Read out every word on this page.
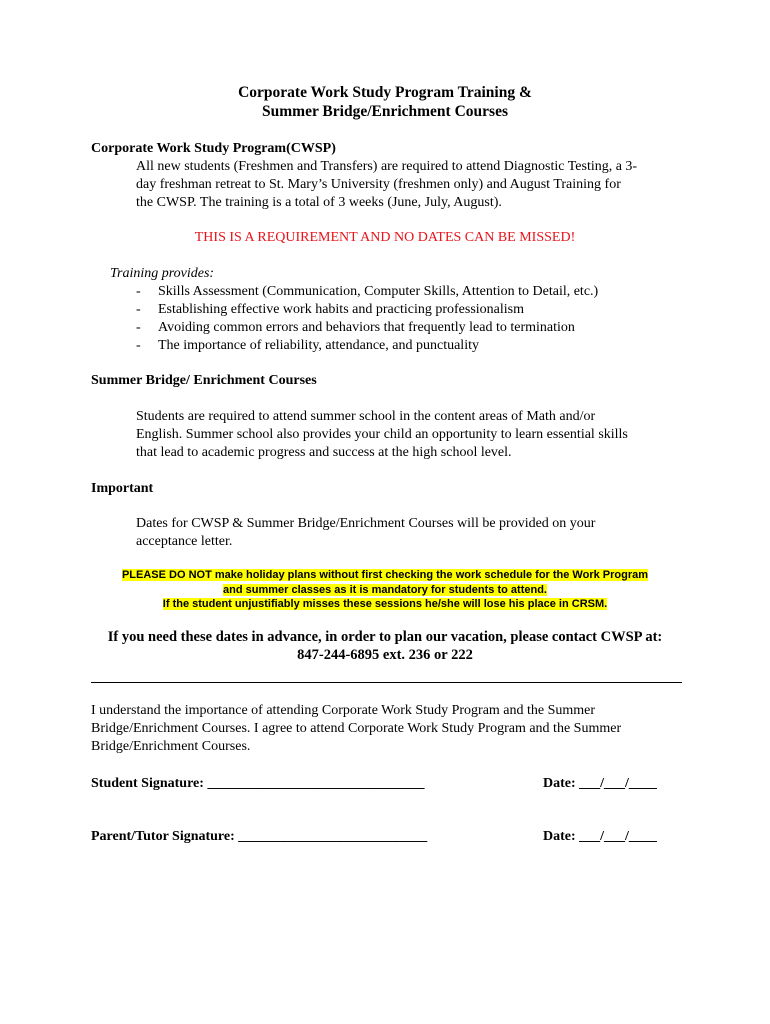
Corporate Work Study Program Training &
Summer Bridge/Enrichment Courses
Corporate Work Study Program(CWSP)
All new students (Freshmen and Transfers) are required to attend Diagnostic Testing, a 3-
day freshman retreat to St. Mary’s University (freshmen only) and August Training for
the CWSP. The training is a total of 3 weeks (June, July, August).
THIS IS A REQUIREMENT AND NO DATES CAN BE MISSED!
Training provides:
- Skills Assessment (Communication, Computer Skills, Attention to Detail, etc.)
- Establishing effective work habits and practicing professionalism
- Avoiding common errors and behaviors that frequently lead to termination
- The importance of reliability, attendance, and punctuality
Summer Bridge/ Enrichment Courses
Students are required to attend summer school in the content areas of Math and/or
English. Summer school also provides your child an opportunity to learn essential skills
that lead to academic progress and success at the high school level.
Important
Dates for CWSP & Summer Bridge/Enrichment Courses will be provided on your
acceptance letter.
PLEASE DO NOT make holiday plans without first checking the work schedule for the Work Program
and summer classes as it is mandatory for students to attend.
If the student unjustifiably misses these sessions he/she will lose his place in CRSM.
If you need these dates in advance, in order to plan our vacation, please contact CWSP at:
847-244-6895 ext. 236 or 222
I understand the importance of attending Corporate Work Study Program and the Summer
Bridge/Enrichment Courses. I agree to attend Corporate Work Study Program and the Summer
Bridge/Enrichment Courses.
Student Signature: _______________________________	Date: ___/___/____
Parent/Tutor Signature: ___________________________	Date: ___/___/____
